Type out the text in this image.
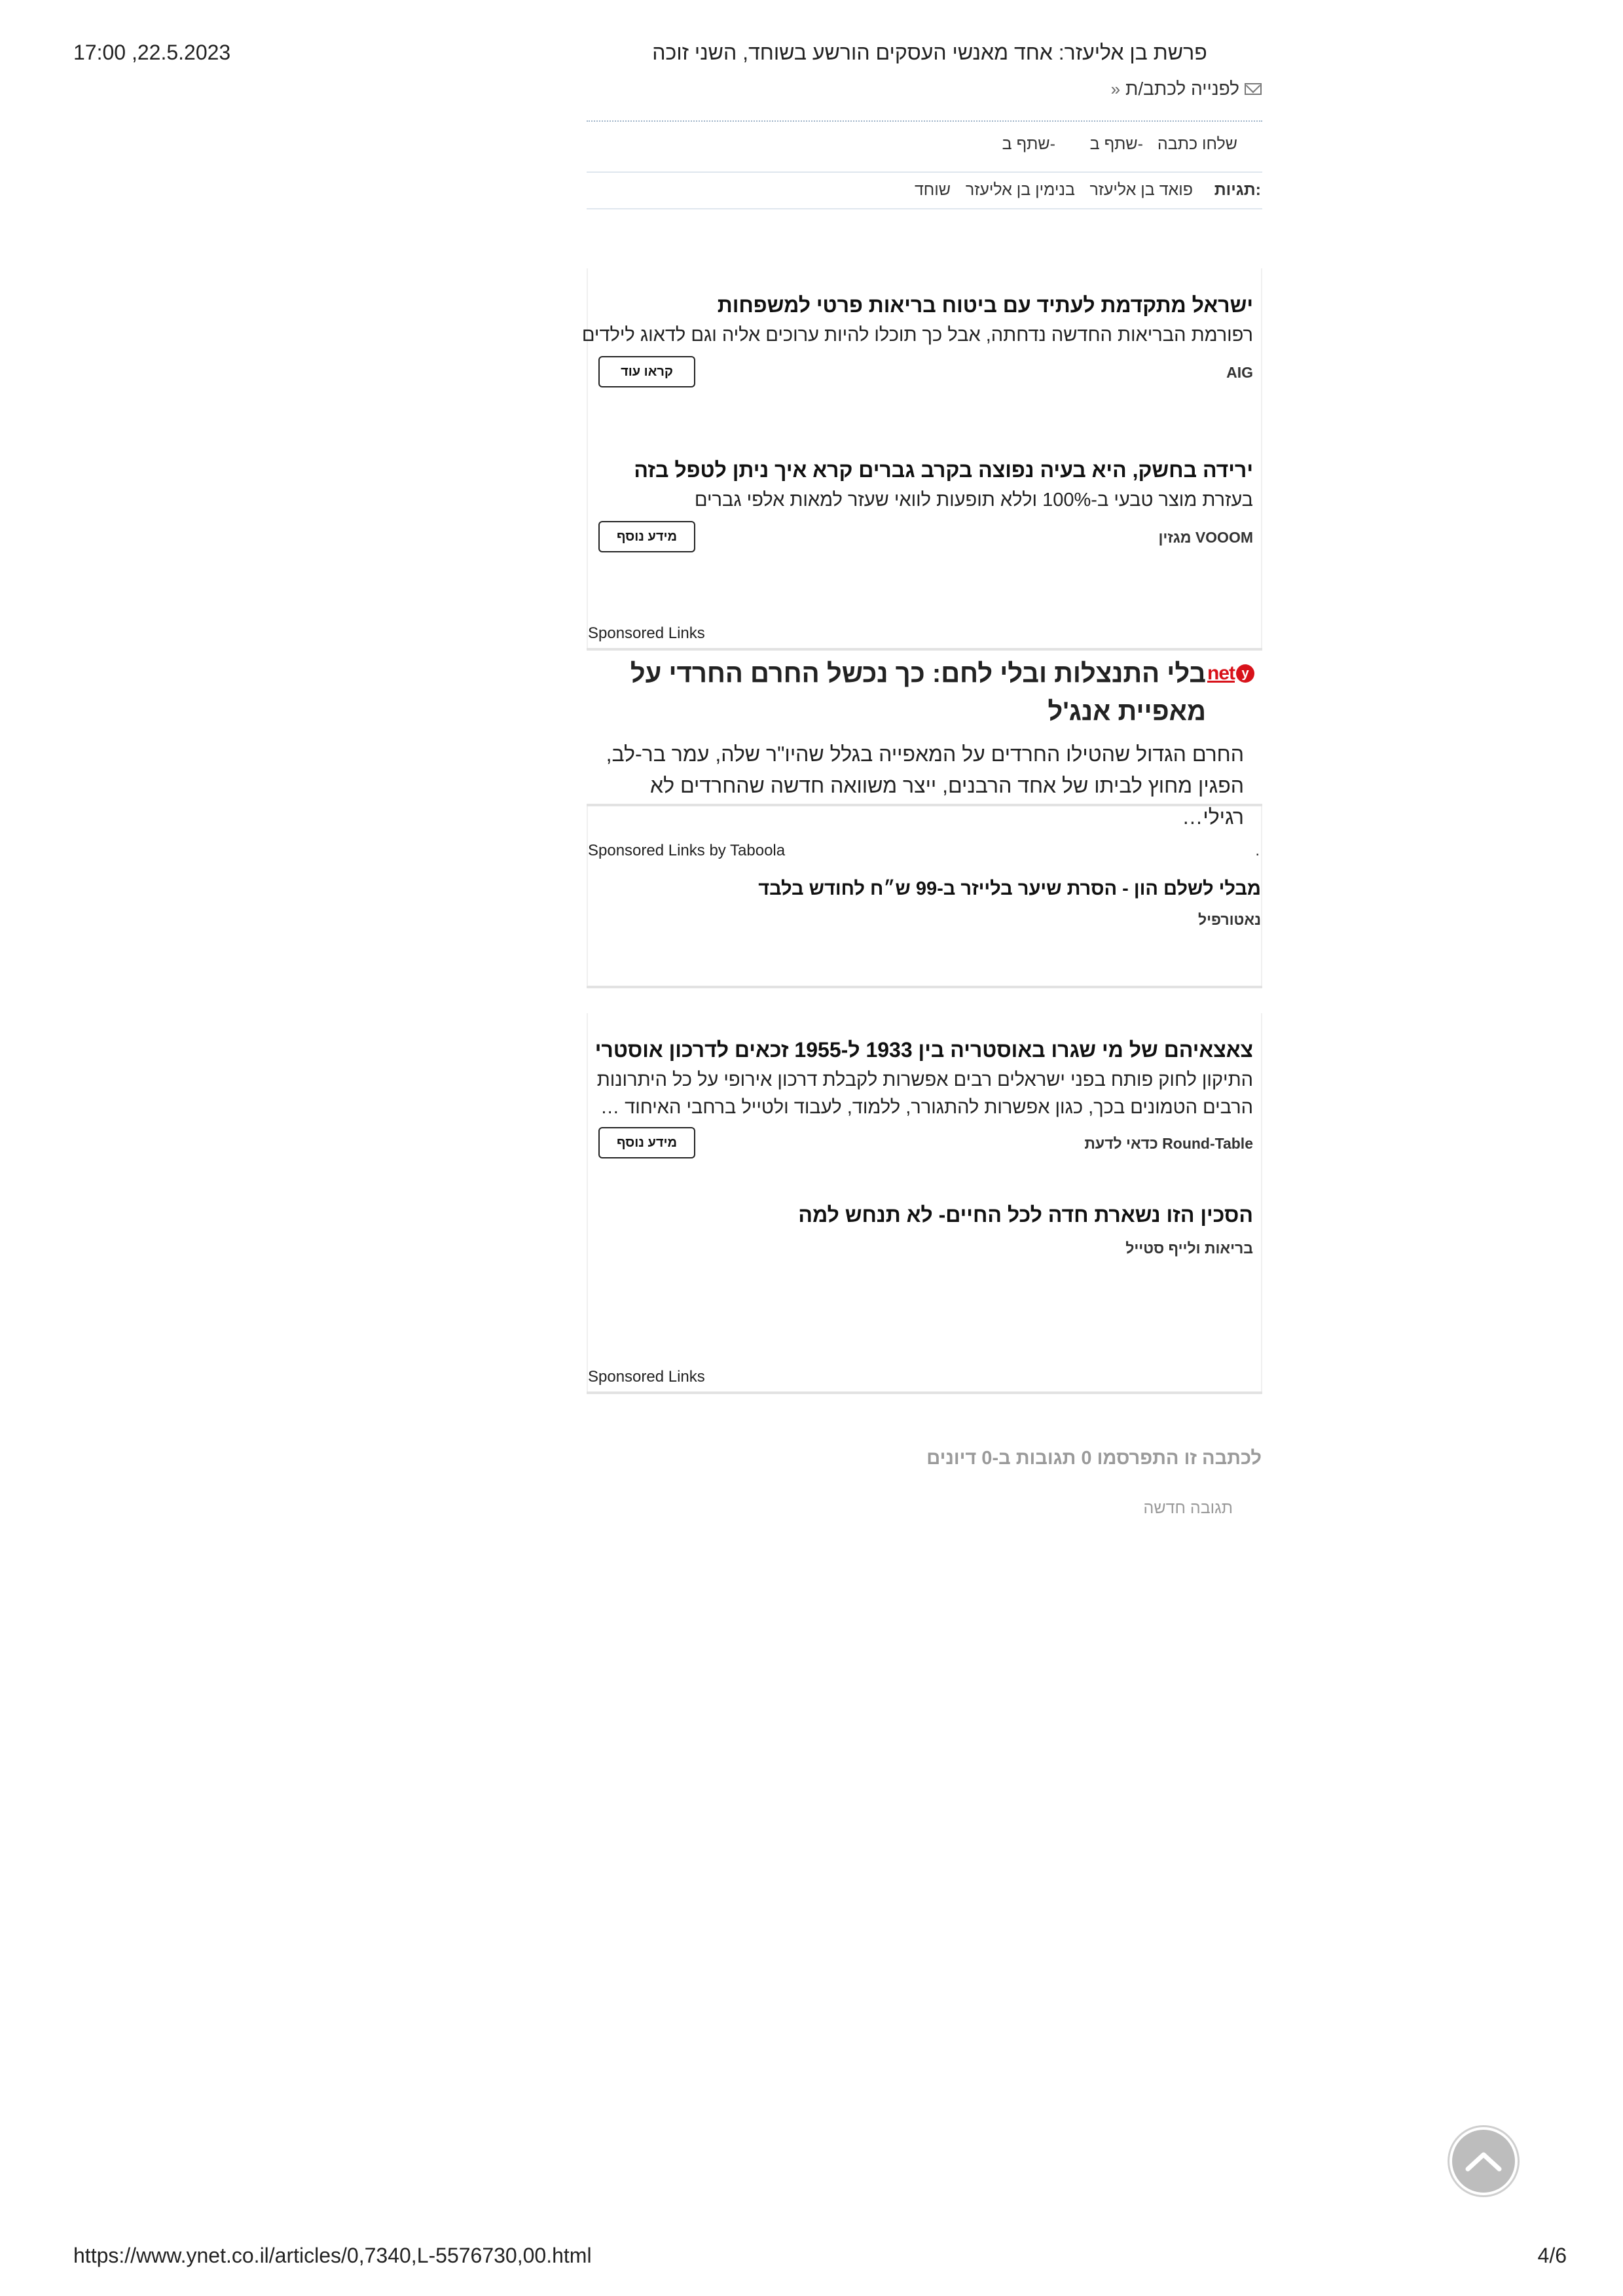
17:00 ,22.5.2023	פרשת בן אליעזר: אחד מאנשי העסקים הורשע בשוחד, השני זוכה
לפנייה לכתב/ת
«
שלחו כתבה
שתף ב-
שתף ב-
תגיות:
פואד בן אליעזר
בנימין בן אליעזר
שוחד
ישראל מתקדמת לעתיד עם ביטוח בריאות פרטי למשפחות
רפורמת הבריאות החדשה נדחתה, אבל כך תוכלו להיות ערוכים אליה וגם לדאוג לילדים
AIG
קראו עוד
ירידה בחשק, היא בעיה נפוצה בקרב גברים קרא איך ניתן לטפל בזה
בעזרת מוצר טבעי ב-100% וללא תופעות לוואי שעזר למאות אלפי גברים
VOOOM מגזין
מידע נוסף
Sponsored Links
net y
בלי התנצלות ובלי לחם: כך נכשל החרם החרדי על מאפיית אנג'ל
החרם הגדול שהטילו החרדים על המאפייה בגלל שהיו"ר שלה, עמר בר-לב, הפגין מחוץ לביתו של אחד הרבנים, ייצר משוואה חדשה שהחרדים לא רגילי…
Sponsored Links by Taboola	.
מבלי לשלם הון - הסרת שיער בלייזר ב-99 ש״ח לחודש בלבד
נאטורפיל
צאצאיהם של מי שגרו באוסטריה בין 1933 ל-1955 זכאים לדרכון אוסטרי
התיקון לחוק פותח בפני ישראלים רבים אפשרות לקבלת דרכון אירופי על כל היתרונות
הרבים הטמונים בכך, כגון אפשרות להתגורר, ללמוד, לעבוד ולטייל ברחבי האיחוד …
Round-Table כדאי לדעת
מידע נוסף
הסכין הזו נשארת חדה לכל החיים- לא תנחש למה
בריאות ולייף סטייל
Sponsored Links
לכתבה זו התפרסמו 0 תגובות ב-0 דיונים
תגובה חדשה
https://www.ynet.co.il/articles/0,7340,L-5576730,00.html	4/6
